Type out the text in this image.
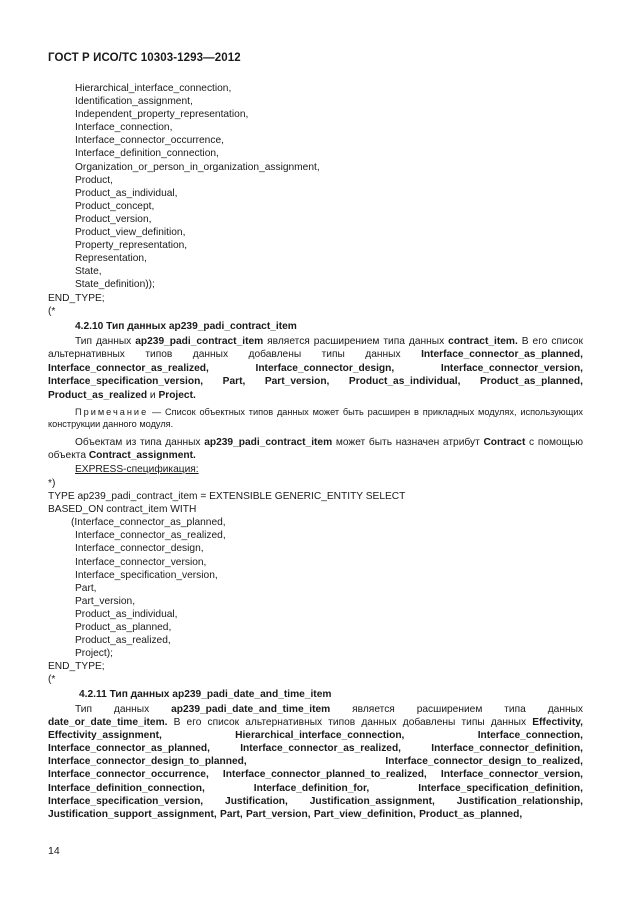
ГОСТ Р ИСО/ТС 10303-1293—2012
Hierarchical_interface_connection,
Identification_assignment,
Independent_property_representation,
Interface_connection,
Interface_connector_occurrence,
Interface_definition_connection,
Organization_or_person_in_organization_assignment,
Product,
Product_as_individual,
Product_concept,
Product_version,
Product_view_definition,
Property_representation,
Representation,
State,
State_definition));
END_TYPE;
(*
4.2.10 Тип данных ap239_padi_contract_item

Тип данных ap239_padi_contract_item является расширением типа данных contract_item. В его список альтернативных типов данных добавлены типы данных Interface_connector_as_planned, Interface_connector_as_realized, Interface_connector_design, Interface_connector_version, Interface_specification_version, Part, Part_version, Product_as_individual, Product_as_planned, Product_as_realized и Project.

Примечание — Список объектных типов данных может быть расширен в прикладных модулях, использующих конструкции данного модуля.

Объектам из типа данных ap239_padi_contract_item может быть назначен атрибут Contract с помощью объекта Contract_assignment.

EXPRESS-спецификация:
*)
TYPE ap239_padi_contract_item = EXTENSIBLE GENERIC_ENTITY SELECT
BASED_ON contract_item WITH
(Interface_connector_as_planned,
Interface_connector_as_realized,
Interface_connector_design,
Interface_connector_version,
Interface_specification_version,
Part,
Part_version,
Product_as_individual,
Product_as_planned,
Product_as_realized,
Project);
END_TYPE;
(*
4.2.11 Тип данных ap239_padi_date_and_time_item

Тип данных ap239_padi_date_and_time_item является расширением типа данных date_or_date_time_item. В его список альтернативных типов данных добавлены типы данных Effectivity, Effectivity_assignment, Hierarchical_interface_connection, Interface_connection, Interface_connector_as_planned, Interface_connector_as_realized, Interface_connector_definition, Interface_connector_design_to_planned, Interface_connector_design_to_realized, Interface_connector_occurrence, Interface_connector_planned_to_realized, Interface_connector_version, Interface_definition_connection, Interface_definition_for, Interface_specification_definition, Interface_specification_version, Justification, Justification_assignment, Justification_relationship, Justification_support_assignment, Part, Part_version, Part_view_definition, Product_as_planned,

14
